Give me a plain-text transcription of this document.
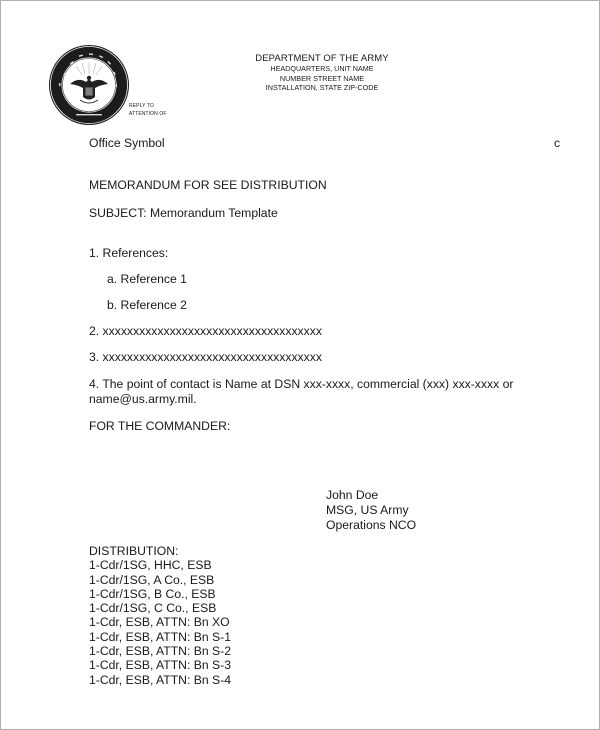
DEPARTMENT OF THE ARMY
HEADQUARTERS, UNIT NAME
NUMBER STREET NAME
INSTALLATION, STATE ZIP-CODE
REPLY TO
ATTENTION OF
Office Symbol	c
MEMORANDUM FOR SEE DISTRIBUTION
SUBJECT: Memorandum Template
1. References:
a. Reference 1
b. Reference 2
2. xxxxxxxxxxxxxxxxxxxxxxxxxxxxxxxxxxxx
3. xxxxxxxxxxxxxxxxxxxxxxxxxxxxxxxxxxxx
4. The point of contact is Name at DSN xxx-xxxx, commercial (xxx) xxx-xxxx or name@us.army.mil.
FOR THE COMMANDER:
John Doe
MSG, US Army
Operations NCO
DISTRIBUTION:
1-Cdr/1SG, HHC, ESB
1-Cdr/1SG, A Co., ESB
1-Cdr/1SG, B Co., ESB
1-Cdr/1SG, C Co., ESB
1-Cdr, ESB, ATTN: Bn XO
1-Cdr, ESB, ATTN: Bn S-1
1-Cdr, ESB, ATTN: Bn S-2
1-Cdr, ESB, ATTN: Bn S-3
1-Cdr, ESB, ATTN: Bn S-4
